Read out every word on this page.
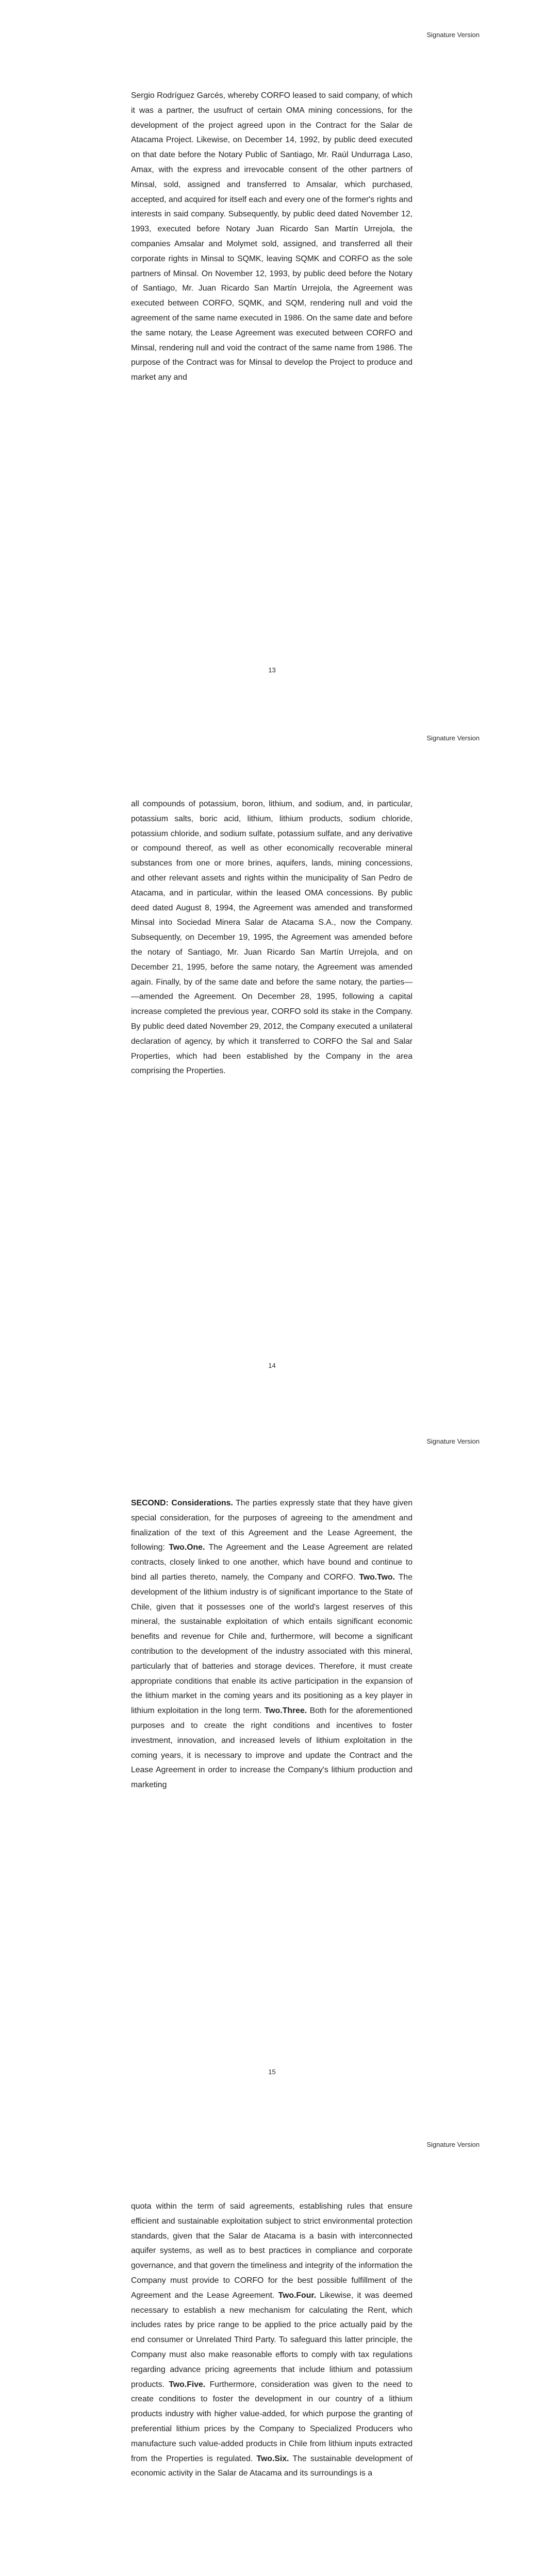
Signature Version

Sergio Rodríguez Garcés, whereby CORFO leased to said company, of which it was a partner, the usufruct of certain OMA mining concessions, for the development of the project agreed upon in the Contract for the Salar de Atacama Project. Likewise, on December 14, 1992, by public deed executed on that date before the Notary Public of Santiago, Mr. Raúl Undurraga Laso, Amax, with the express and irrevocable consent of the other partners of Minsal, sold, assigned and transferred to Amsalar, which purchased, accepted, and acquired for itself each and every one of the former's rights and interests in said company. Subsequently, by public deed dated November 12, 1993, executed before Notary Juan Ricardo San Martín Urrejola, the companies Amsalar and Molymet sold, assigned, and transferred all their corporate rights in Minsal to SQMK, leaving SQMK and CORFO as the sole partners of Minsal. On November 12, 1993, by public deed before the Notary of Santiago, Mr. Juan Ricardo San Martín Urrejola, the Agreement was executed between CORFO, SQMK, and SQM, rendering null and void the agreement of the same name executed in 1986. On the same date and before the same notary, the Lease Agreement was executed between CORFO and Minsal, rendering null and void the contract of the same name from 1986. The purpose of the Contract was for Minsal to develop the Project to produce and market any and

13
Signature Version

all compounds of potassium, boron, lithium, and sodium, and, in particular, potassium salts, boric acid, lithium, lithium products, sodium chloride, potassium chloride, and sodium sulfate, potassium sulfate, and any derivative or compound thereof, as well as other economically recoverable mineral substances from one or more brines, aquifers, lands, mining concessions, and other relevant assets and rights within the municipality of San Pedro de Atacama, and in particular, within the leased OMA concessions. By public deed dated August 8, 1994, the Agreement was amended and transformed Minsal into Sociedad Minera Salar de Atacama S.A., now the Company. Subsequently, on December 19, 1995, the Agreement was amended before the notary of Santiago, Mr. Juan Ricardo San Martín Urrejola, and on December 21, 1995, before the same notary, the Agreement was amended again. Finally, by of the same date and before the same notary, the parties— —amended the Agreement. On December 28, 1995, following a capital increase completed the previous year, CORFO sold its stake in the Company. By public deed dated November 29, 2012, the Company executed a unilateral declaration of agency, by which it transferred to CORFO the Sal and Salar Properties, which had been established by the Company in the area comprising the Properties.

14
Signature Version

SECOND: Considerations. The parties expressly state that they have given special consideration, for the purposes of agreeing to the amendment and finalization of the text of this Agreement and the Lease Agreement, the following: Two.One. The Agreement and the Lease Agreement are related contracts, closely linked to one another, which have bound and continue to bind all parties thereto, namely, the Company and CORFO. Two.Two. The development of the lithium industry is of significant importance to the State of Chile, given that it possesses one of the world's largest reserves of this mineral, the sustainable exploitation of which entails significant economic benefits and revenue for Chile and, furthermore, will become a significant contribution to the development of the industry associated with this mineral, particularly that of batteries and storage devices. Therefore, it must create appropriate conditions that enable its active participation in the expansion of the lithium market in the coming years and its positioning as a key player in lithium exploitation in the long term. Two.Three. Both for the aforementioned purposes and to create the right conditions and incentives to foster investment, innovation, and increased levels of lithium exploitation in the coming years, it is necessary to improve and update the Contract and the Lease Agreement in order to increase the Company's lithium production and marketing

15
Signature Version

quota within the term of said agreements, establishing rules that ensure efficient and sustainable exploitation subject to strict environmental protection standards, given that the Salar de Atacama is a basin with interconnected aquifer systems, as well as to best practices in compliance and corporate governance, and that govern the timeliness and integrity of the information the Company must provide to CORFO for the best possible fulfillment of the Agreement and the Lease Agreement. Two.Four. Likewise, it was deemed necessary to establish a new mechanism for calculating the Rent, which includes rates by price range to be applied to the price actually paid by the end consumer or Unrelated Third Party. To safeguard this latter principle, the Company must also make reasonable efforts to comply with tax regulations regarding advance pricing agreements that include lithium and potassium products. Two.Five. Furthermore, consideration was given to the need to create conditions to foster the development in our country of a lithium products industry with higher value-added, for which purpose the granting of preferential lithium prices by the Company to Specialized Producers who manufacture such value-added products in Chile from lithium inputs extracted from the Properties is regulated. Two.Six. The sustainable development of economic activity in the Salar de Atacama and its surroundings is a
